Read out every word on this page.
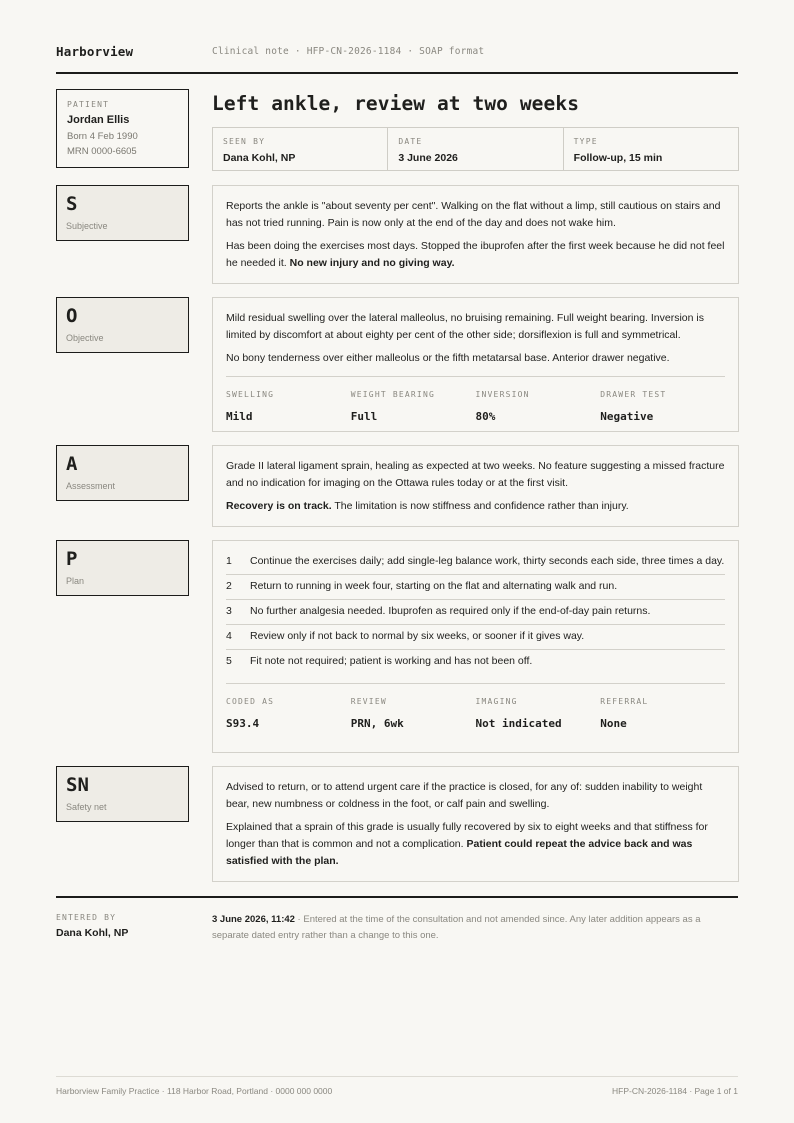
Harborview	Clinical note · HFP-CN-2026-1184 · SOAP format
PATIENT
Jordan Ellis
Born 4 Feb 1990
MRN 0000-6605
Left ankle, review at two weeks
SEEN BY
Dana Kohl, NP
DATE
3 June 2026
TYPE
Follow-up, 15 min
S
Subjective

Reports the ankle is "about seventy per cent". Walking on the flat without a limp, still cautious on stairs and has not tried running. Pain is now only at the end of the day and does not wake him.

Has been doing the exercises most days. Stopped the ibuprofen after the first week because he did not feel he needed it. No new injury and no giving way.

O
Objective

Mild residual swelling over the lateral malleolus, no bruising remaining. Full weight bearing. Inversion is limited by discomfort at about eighty per cent of the other side; dorsiflexion is full and symmetrical.

No bony tenderness over either malleolus or the fifth metatarsal base. Anterior drawer negative.

SWELLING
Mild
WEIGHT BEARING
Full
INVERSION
80%
DRAWER TEST
Negative
A
Assessment

Grade II lateral ligament sprain, healing as expected at two weeks. No feature suggesting a missed fracture and no indication for imaging on the Ottawa rules today or at the first visit.

Recovery is on track. The limitation is now stiffness and confidence rather than injury.

P
Plan
1	Continue the exercises daily; add single-leg balance work, thirty seconds each side, three times a day.
2	Return to running in week four, starting on the flat and alternating walk and run.
3	No further analgesia needed. Ibuprofen as required only if the end-of-day pain returns.
4	Review only if not back to normal by six weeks, or sooner if it gives way.
5	Fit note not required; patient is working and has not been off.
CODED AS
S93.4
REVIEW
PRN, 6wk
IMAGING
Not indicated
REFERRAL
None
SN
Safety net

Advised to return, or to attend urgent care if the practice is closed, for any of: sudden inability to weight bear, new numbness or coldness in the foot, or calf pain and swelling.

Explained that a sprain of this grade is usually fully recovered by six to eight weeks and that stiffness for longer than that is common and not a complication. Patient could repeat the advice back and was satisfied with the plan.

ENTERED BY
Dana Kohl, NP
3 June 2026, 11:42 · Entered at the time of the consultation and not amended since. Any later addition appears as a separate dated entry rather than a change to this one.
Harborview Family Practice · 118 Harbor Road, Portland · 0000 000 0000	HFP-CN-2026-1184 · Page 1 of 1
